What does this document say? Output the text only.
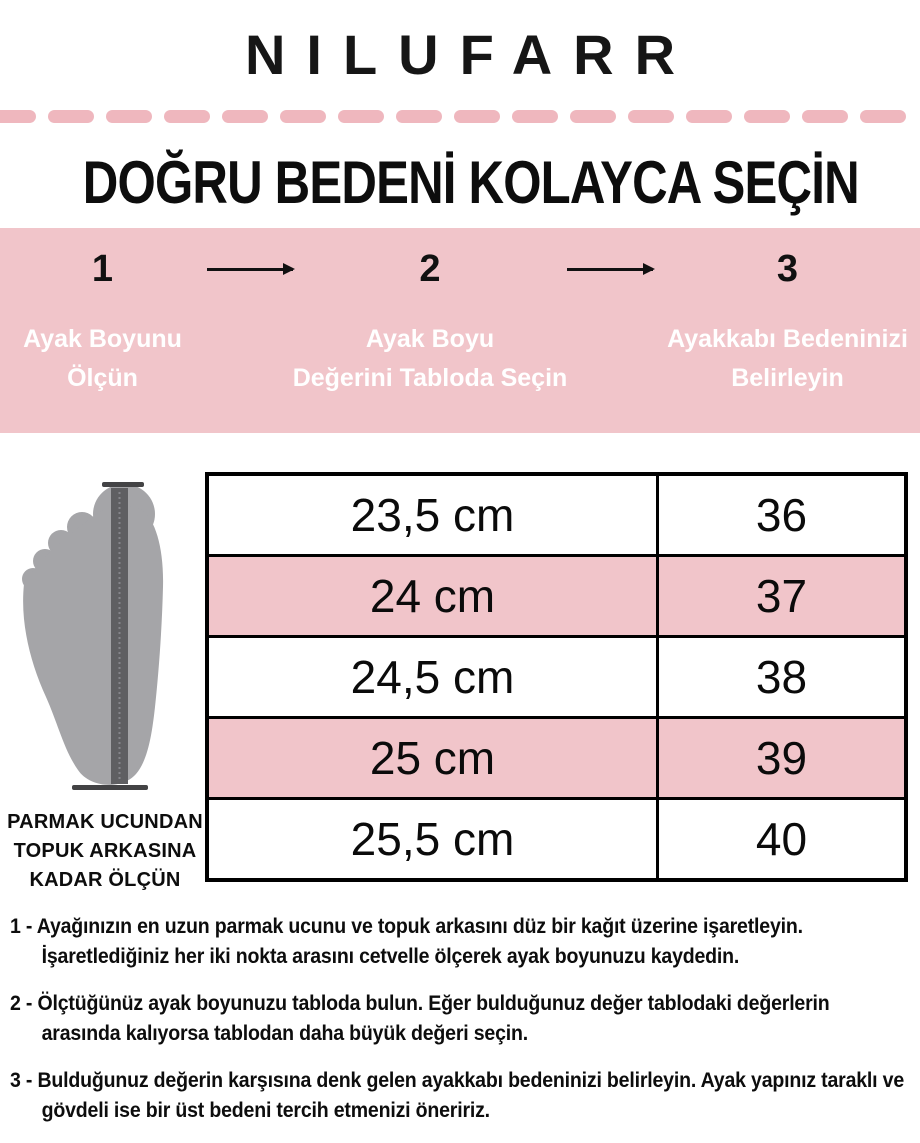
NILUFARR
DOĞRU BEDENİ KOLAYCA SEÇİN
1	2	3
Ayak Boyunu
Ölçün
Ayak Boyu
Değerini Tabloda Seçin
Ayakkabı Bedeninizi
Belirleyin
PARMAK UCUNDAN
TOPUK ARKASINA
KADAR ÖLÇÜN
23,5 cm	36
24 cm	37
24,5 cm	38
25 cm	39
25,5 cm	40

1 - Ayağınızın en uzun parmak ucunu ve topuk arkasını düz bir kağıt üzerine işaretleyin. İşaretlediğiniz her iki nokta arasını cetvelle ölçerek ayak boyunuzu kaydedin.

2 - Ölçtüğünüz ayak boyunuzu tabloda bulun. Eğer bulduğunuz değer tablodaki değerlerin arasında kalıyorsa tablodan daha büyük değeri seçin.

3 - Bulduğunuz değerin karşısına denk gelen ayakkabı bedeninizi belirleyin. Ayak yapınız taraklı ve gövdeli ise bir üst bedeni tercih etmenizi öneririz.
